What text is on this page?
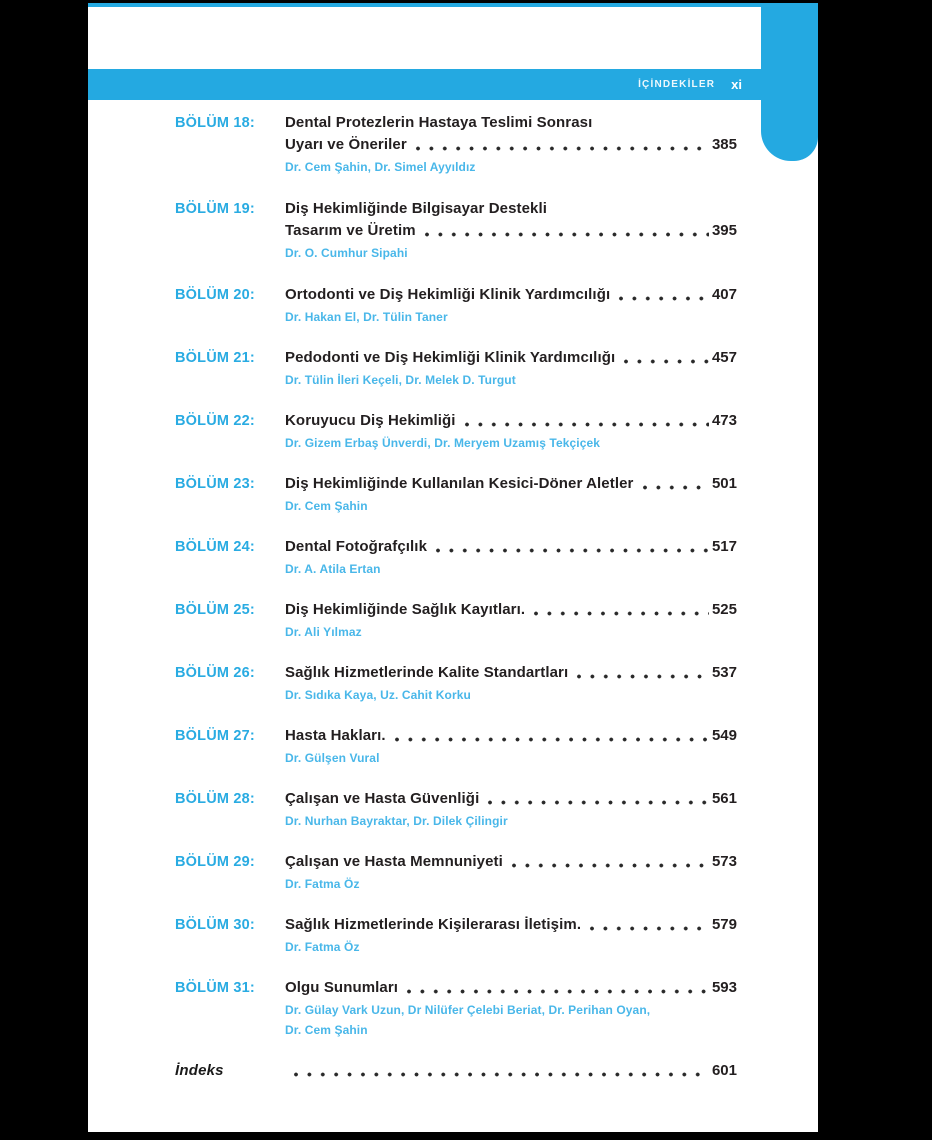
İÇİNDEKİLER xi
BÖLÜM 18:	Dental Protezlerin Hastaya Teslimi Sonrası
Uyarı ve Öneriler	385
Dr. Cem Şahin, Dr. Simel Ayyıldız
BÖLÜM 19:	Diş Hekimliğinde Bilgisayar Destekli
Tasarım ve Üretim	395
Dr. O. Cumhur Sipahi
BÖLÜM 20:	Ortodonti ve Diş Hekimliği Klinik Yardımcılığı	407
Dr. Hakan El, Dr. Tülin Taner
BÖLÜM 21:	Pedodonti ve Diş Hekimliği Klinik Yardımcılığı	457
Dr. Tülin İleri Keçeli, Dr. Melek D. Turgut
BÖLÜM 22:	Koruyucu Diş Hekimliği	473
Dr. Gizem Erbaş Ünverdi, Dr. Meryem Uzamış Tekçiçek
BÖLÜM 23:	Diş Hekimliğinde Kullanılan Kesici-Döner Aletler	501
Dr. Cem Şahin
BÖLÜM 24:	Dental Fotoğrafçılık	517
Dr. A. Atila Ertan
BÖLÜM 25:	Diş Hekimliğinde Sağlık Kayıtları.	525
Dr. Ali Yılmaz
BÖLÜM 26:	Sağlık Hizmetlerinde Kalite Standartları	537
Dr. Sıdıka Kaya, Uz. Cahit Korku
BÖLÜM 27:	Hasta Hakları.	549
Dr. Gülşen Vural
BÖLÜM 28:	Çalışan ve Hasta Güvenliği	561
Dr. Nurhan Bayraktar, Dr. Dilek Çilingir
BÖLÜM 29:	Çalışan ve Hasta Memnuniyeti	573
Dr. Fatma Öz
BÖLÜM 30:	Sağlık Hizmetlerinde Kişilerarası İletişim.	579
Dr. Fatma Öz
BÖLÜM 31:	Olgu Sunumları	593
Dr. Gülay Vark Uzun, Dr Nilüfer Çelebi Beriat, Dr. Perihan Oyan,
Dr. Cem Şahin
İndeks	601
